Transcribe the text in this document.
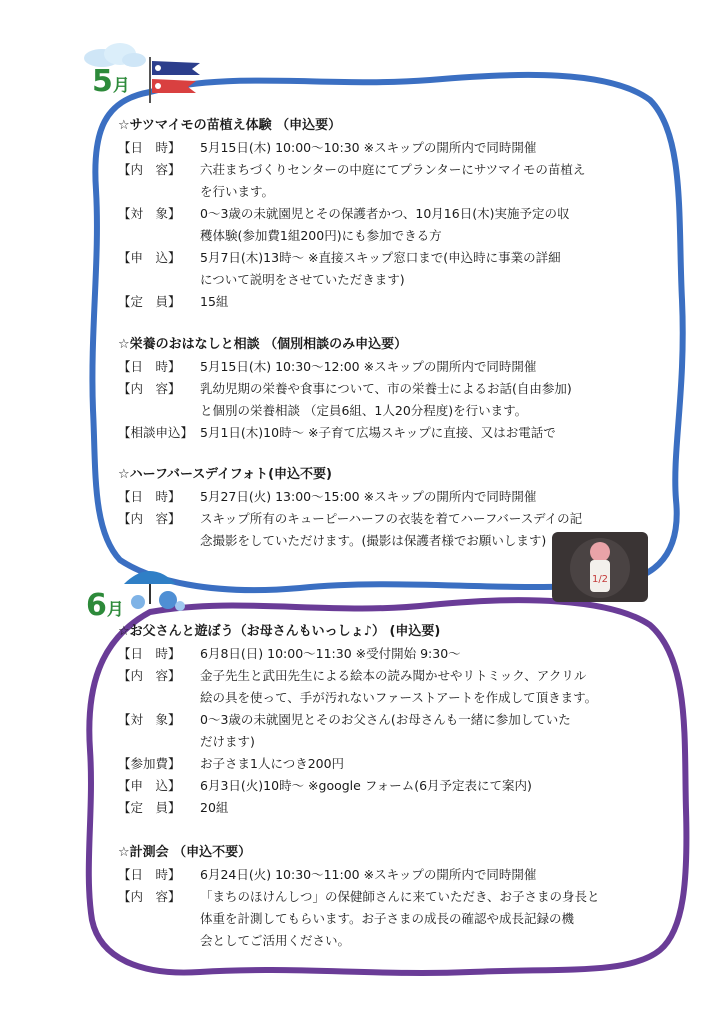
5月
6月
1/2
☆サツマイモの苗植え体験 （申込要）
【日　時】	5月15日(木) 10:00～10:30 ※スキップの開所内で同時開催
【内　容】	六荘まちづくりセンターの中庭にてプランターにサツマイモの苗植え
を行います。
【対　象】	0～3歳の未就園児とその保護者かつ、10月16日(木)実施予定の収
穫体験(参加費1組200円)にも参加できる方
【申　込】	5月7日(木)13時～ ※直接スキップ窓口まで(申込時に事業の詳細
について説明をさせていただきます)
【定　員】	15組
☆栄養のおはなしと相談 （個別相談のみ申込要）
【日　時】	5月15日(木) 10:30～12:00 ※スキップの開所内で同時開催
【内　容】	乳幼児期の栄養や食事について、市の栄養士によるお話(自由参加)
と個別の栄養相談 （定員6組、1人20分程度)を行います。
【相談申込】 5月1日(木)10時～ ※子育て広場スキップに直接、又はお電話で
☆ハーフバースデイフォト(申込不要)
【日　時】	5月27日(火) 13:00～15:00 ※スキップの開所内で同時開催
【内　容】	スキップ所有のキューピーハーフの衣装を着てハーフバースデイの記
念撮影をしていただけます。(撮影は保護者様でお願いします)
☆お父さんと遊ぼう（お母さんもいっしょ♪） (申込要)
【日　時】	6月8日(日) 10:00～11:30 ※受付開始 9:30～
【内　容】	金子先生と武田先生による絵本の読み聞かせやリトミック、アクリル
絵の具を使って、手が汚れないファーストアートを作成して頂きます。
【対　象】	0～3歳の未就園児とそのお父さん(お母さんも一緒に参加していた
だけます)
【参加費】	お子さま1人につき200円
【申　込】	6月3日(火)10時～ ※google フォーム(6月予定表にて案内)
【定　員】	20組
☆計測会 （申込不要）
【日　時】	6月24日(火) 10:30～11:00 ※スキップの開所内で同時開催
【内　容】	「まちのほけんしつ」の保健師さんに来ていただき、お子さまの身長と
体重を計測してもらいます。お子さまの成長の確認や成長記録の機
会としてご活用ください。
